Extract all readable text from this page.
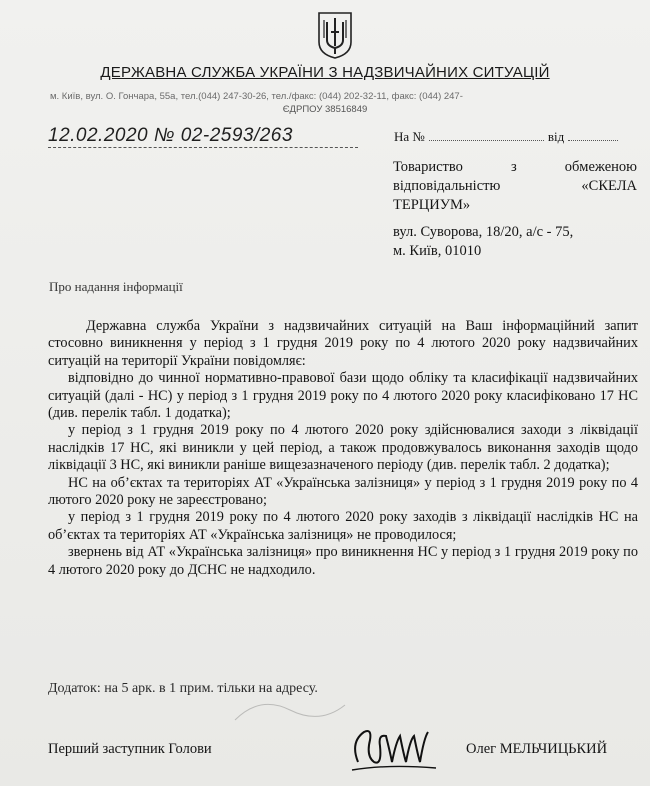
ДЕРЖАВНА СЛУЖБА УКРАЇНИ З НАДЗВИЧАЙНИХ СИТУАЦІЙ
м. Київ, вул. О. Гончара, 55а, тел.(044) 247-30-26, тел./факс: (044) 202-32-11, факс: (044) 247-
ЄДРПОУ 38516849
12.02.2020 № 02-2593/263	На №	від
Товариство з обмеженою
відповідальністю «СКЕЛА
ТЕРЦИУМ»
вул. Суворова, 18/20, а/с - 75,
м. Київ, 01010
Про надання інформації

Державна служба України з надзвичайних ситуацій на Ваш інформаційний запит стосовно виникнення у період з 1 грудня 2019 року по 4 лютого 2020 року надзвичайних ситуацій на території України повідомляє:

відповідно до чинної нормативно-правової бази щодо обліку та класифікації надзвичайних ситуацій (далі - НС) у період з 1 грудня 2019 року по 4 лютого 2020 року класифіковано 17 НС (див. перелік табл. 1 додатка);

у період з 1 грудня 2019 року по 4 лютого 2020 року здійснювалися заходи з ліквідації наслідків 17 НС, які виникли у цей період, а також продовжувалось виконання заходів щодо ліквідації 3 НС, які виникли раніше вищезазначеного періоду (див. перелік табл. 2 додатка);

НС на об’єктах та територіях АТ «Українська залізниця» у період з 1 грудня 2019 року по 4 лютого 2020 року не зареєстровано;

у період з 1 грудня 2019 року по 4 лютого 2020 року заходів з ліквідації наслідків НС на об’єктах та територіях АТ «Українська залізниця» не проводилося;

звернень від АТ «Українська залізниця» про виникнення НС у період з 1 грудня 2019 року по 4 лютого 2020 року до ДСНС не надходило.

Додаток: на 5 арк. в 1 прим. тільки на адресу.
Перший заступник Голови	Олег МЕЛЬЧИЦЬКИЙ
